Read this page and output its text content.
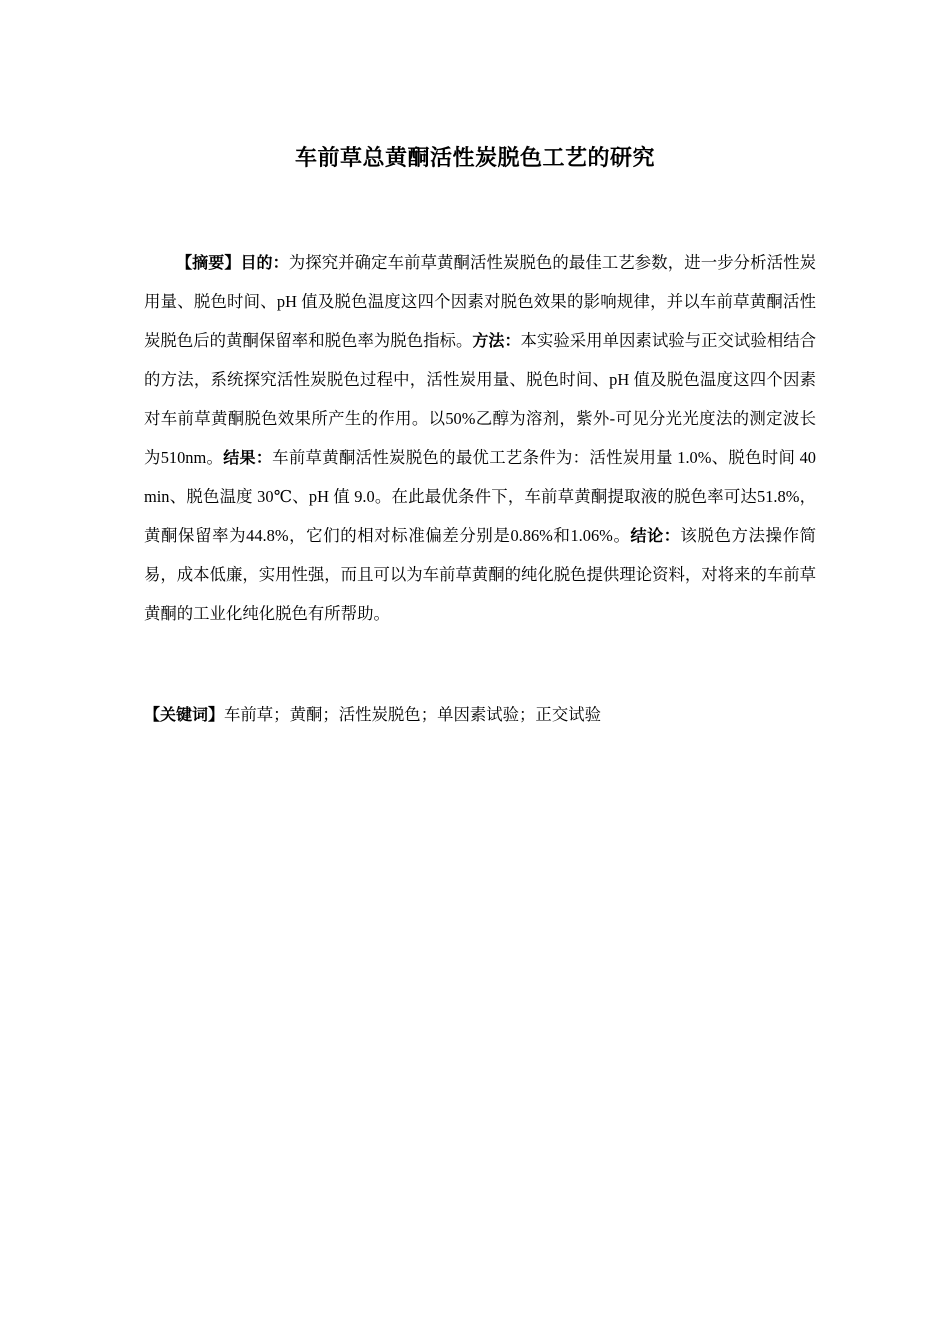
车前草总黄酮活性炭脱色工艺的研究

【摘要】目的：为探究并确定车前草黄酮活性炭脱色的最佳工艺参数，进一步分析活性炭用量、脱色时间、pH 值及脱色温度这四个因素对脱色效果的影响规律，并以车前草黄酮活性炭脱色后的黄酮保留率和脱色率为脱色指标。方法：本实验采用单因素试验与正交试验相结合的方法，系统探究活性炭脱色过程中，活性炭用量、脱色时间、pH 值及脱色温度这四个因素对车前草黄酮脱色效果所产生的作用。以50%乙醇为溶剂，紫外-可见分光光度法的测定波长为510nm。结果：车前草黄酮活性炭脱色的最优工艺条件为：活性炭用量 1.0%、脱色时间 40 min、脱色温度 30℃、pH 值 9.0。在此最优条件下，车前草黄酮提取液的脱色率可达51.8%，黄酮保留率为44.8%，它们的相对标准偏差分别是0.86%和1.06%。结论：该脱色方法操作简易，成本低廉，实用性强，而且可以为车前草黄酮的纯化脱色提供理论资料，对将来的车前草黄酮的工业化纯化脱色有所帮助。

【关键词】车前草；黄酮；活性炭脱色；单因素试验；正交试验
